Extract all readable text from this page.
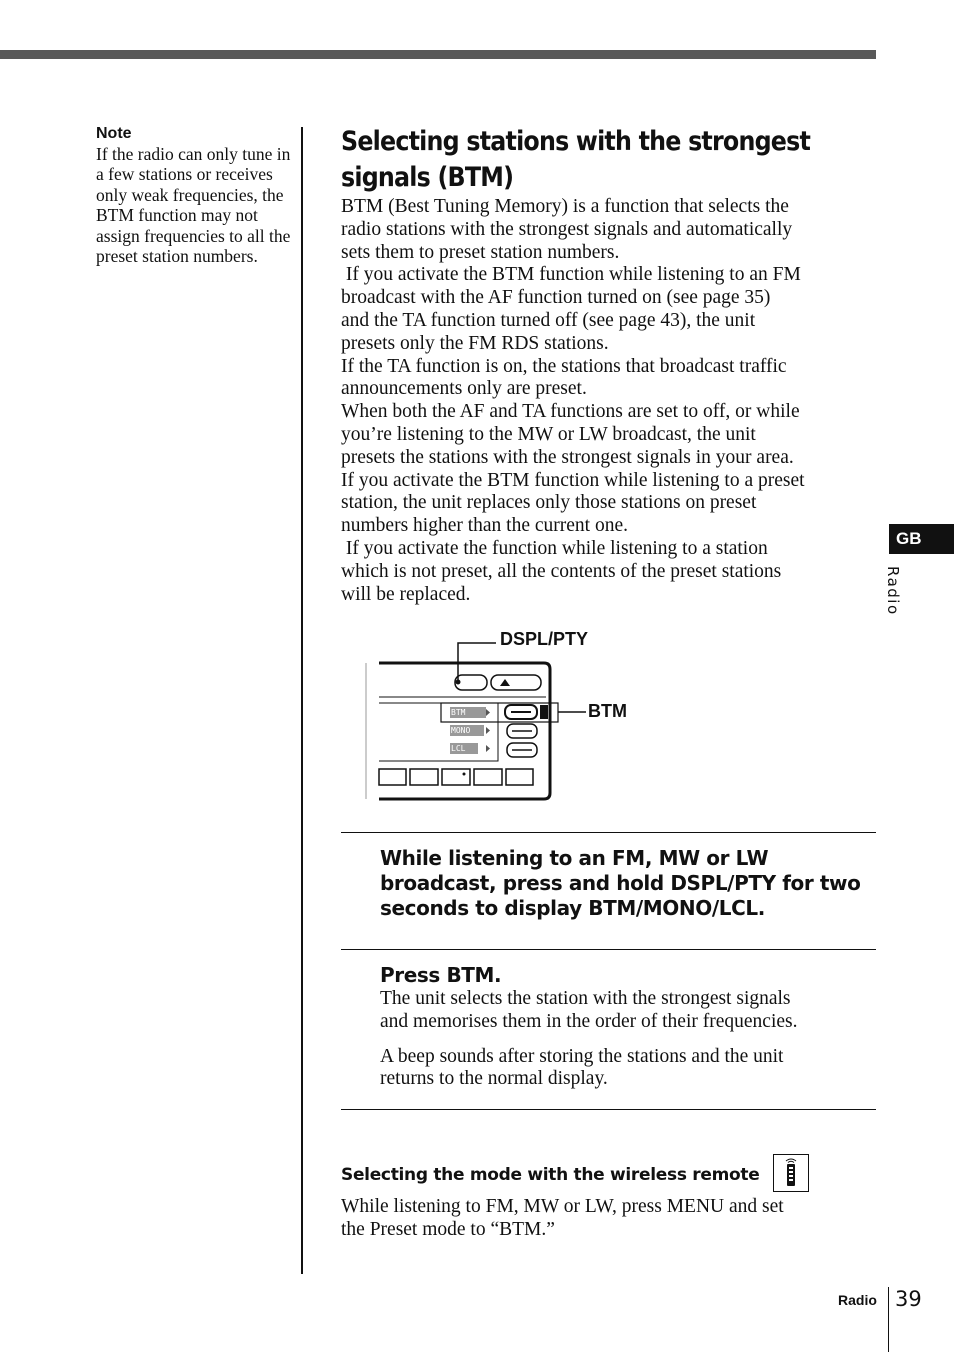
Note
If the radio can only tune in a few stations or receives only weak frequencies, the BTM function may not assign frequencies to all the preset station numbers.
Selecting stations with the strongest
signals (BTM)
BTM (Best Tuning Memory) is a function that selects the
radio stations with the strongest signals and automatically
sets them to preset station numbers.
If you activate the BTM function while listening to an FM
broadcast with the AF function turned on (see page 35)
and the TA function turned off (see page 43), the unit
presets only the FM RDS stations.
If the TA function is on, the stations that broadcast traffic
announcements only are preset.
When both the AF and TA functions are set to off, or while
you’re listening to the MW or LW broadcast, the unit
presets the stations with the strongest signals in your area.
If you activate the BTM function while listening to a preset
station, the unit replaces only those stations on preset
numbers higher than the current one.
If you activate the function while listening to a station
which is not preset, all the contents of the preset stations
will be replaced.
GB
Radio
DSPL/PTY
BTM
BTM
MONO
LCL
While listening to an FM, MW or LW
broadcast, press and hold DSPL/PTY for two
seconds to display BTM/MONO/LCL.
Press BTM.

The unit selects the station with the strongest signals
and memorises them in the order of their frequencies.

A beep sounds after storing the stations and the unit
returns to the normal display.

Selecting the mode with the wireless remote
While listening to FM, MW or LW, press MENU and set
the Preset mode to “BTM.”
Radio 39
